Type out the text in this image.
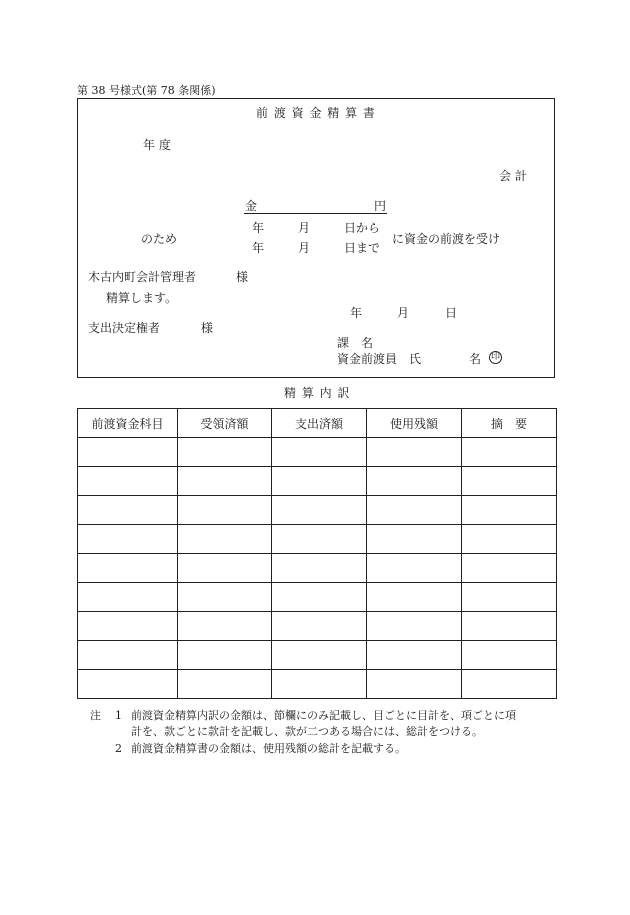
第 38 号様式(第 78 条関係)
前 渡 資 金 精 算 書
年 度
会 計
金	円
年	月	日から
のため	に資金の前渡を受け
年	月	日まで
木古内町会計管理者	様
精算します。
支出決定権者	様
年	月	日
課　名
資金前渡員　氏	名 印
精 算 内 訳
前渡資金科目	受領済額	支出済額	使用残額	摘　要

注 1 前渡資金精算内訳の金額は、節欄にのみ記載し、目ごとに目計を、項ごとに項
計を、款ごとに款計を記載し、款が二つある場合には、総計をつける。
2 前渡資金精算書の金額は、使用残額の総計を記載する。
